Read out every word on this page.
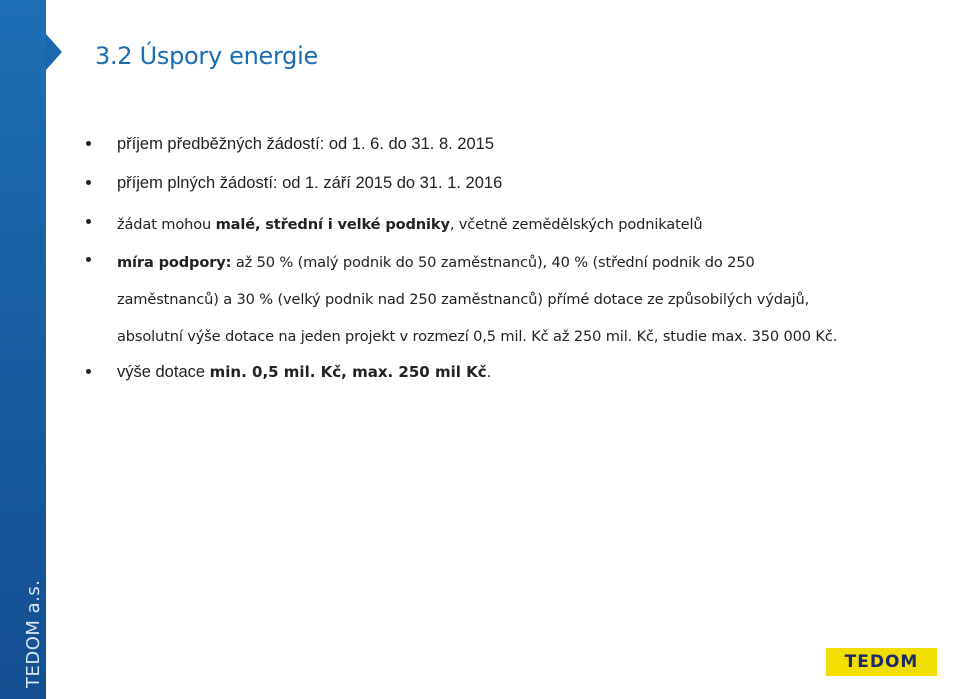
TEDOM a.s.
3.2 Úspory energie
příjem předběžných žádostí: od 1. 6. do 31. 8. 2015
příjem plných žádostí: od 1. září 2015 do 31. 1. 2016
žádat mohou malé, střední i velké podniky, včetně zemědělských podnikatelů
míra podpory: až 50 % (malý podnik do 50 zaměstnanců), 40 % (střední podnik do 250
zaměstnanců) a 30 % (velký podnik nad 250 zaměstnanců) přímé dotace ze způsobilých výdajů,
absolutní výše dotace na jeden projekt v rozmezí 0,5 mil. Kč až 250 mil. Kč, studie max. 350 000 Kč.
výše dotace min. 0,5 mil. Kč, max. 250 mil Kč.
TEDOM
